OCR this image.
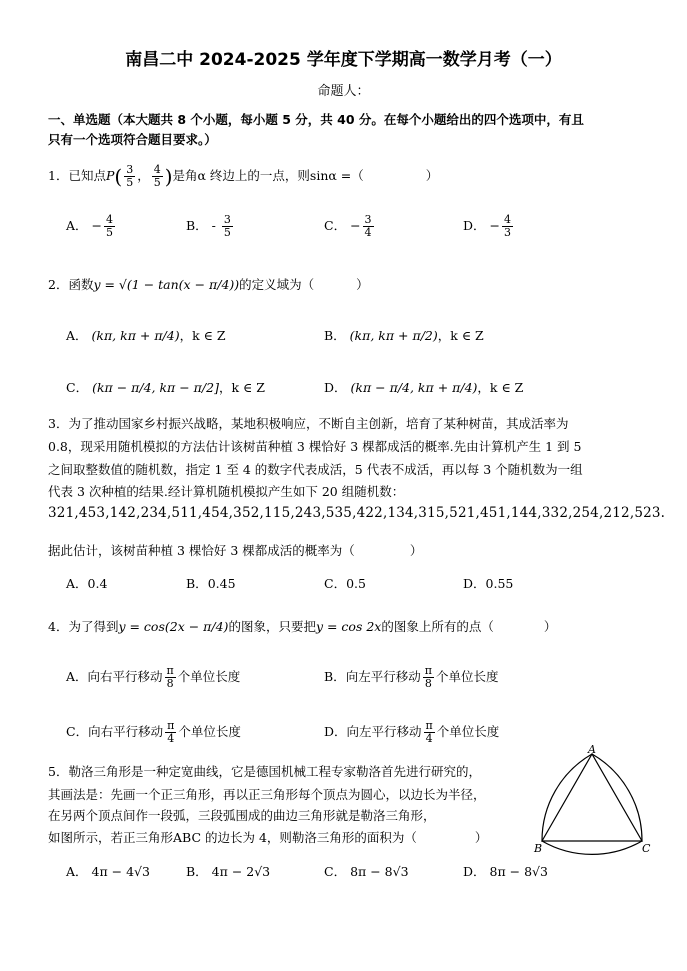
南昌二中 2024-2025 学年度下学期高一数学月考（一）
命题人：
一、单选题（本大题共 8 个小题，每小题 5 分，共 40 分。在每个小题给出的四个选项中，有且
只有一个选项符合题目要求。）
1．已知点$P( \frac{3}{5}$ ， $\frac{4}{5}$ )是角α 终边上的一点，则sinα =（	）
A． − $\frac{4}{5}$	B． - $\frac{3}{5}$	C． − $\frac{3}{4}$	D． − $\frac{4}{3}$
2．函数y = √(1 − tan(x − π/4))的定义域为（	）
A． (kπ, kπ + π/4)，k ∈ Z	B． (kπ, kπ + π/2)，k ∈ Z
C． (kπ − π/4, kπ − π/2]，k ∈ Z	D． (kπ − π/4, kπ + π/4)，k ∈ Z
3．为了推动国家乡村振兴战略，某地积极响应，不断自主创新，培育了某种树苗，其成活率为
0.8，现采用随机模拟的方法估计该树苗种植 3 棵恰好 3 棵都成活的概率.先由计算机产生 1 到 5
之间取整数值的随机数，指定 1 至 4 的数字代表成活，5 代表不成活，再以每 3 个随机数为一组
代表 3 次种植的结果.经计算机随机模拟产生如下 20 组随机数：
321,453,142,234,511,454,352,115,243,535,422,134,315,521,451,144,332,254,212,523.
据此估计，该树苗种植 3 棵恰好 3 棵都成活的概率为（	）
A．0.4	B．0.45	C．0.5	D．0.55
4．为了得到y = cos(2x − π/4)的图象，只要把y = cos 2x的图象上所有的点（	）
A．向右平行移动 $\frac{\pi}{8}$ 个单位长度	B．向左平行移动 $\frac{\pi}{8}$ 个单位长度
C．向右平行移动 $\frac{\pi}{4}$ 个单位长度	D．向左平行移动 $\frac{\pi}{4}$ 个单位长度
5．勒洛三角形是一种定宽曲线，它是德国机械工程专家勒洛首先进行研究的，
其画法是：先画一个正三角形，再以正三角形每个顶点为圆心，以边长为半径，
在另两个顶点间作一段弧，三段弧围成的曲边三角形就是勒洛三角形，
如图所示，若正三角形ABC 的边长为 4，则勒洛三角形的面积为（	）
A
B	C
A． 4π − 4√3	B． 4π − 2√3	C． 8π − 8√3	D． 8π − 8√3
